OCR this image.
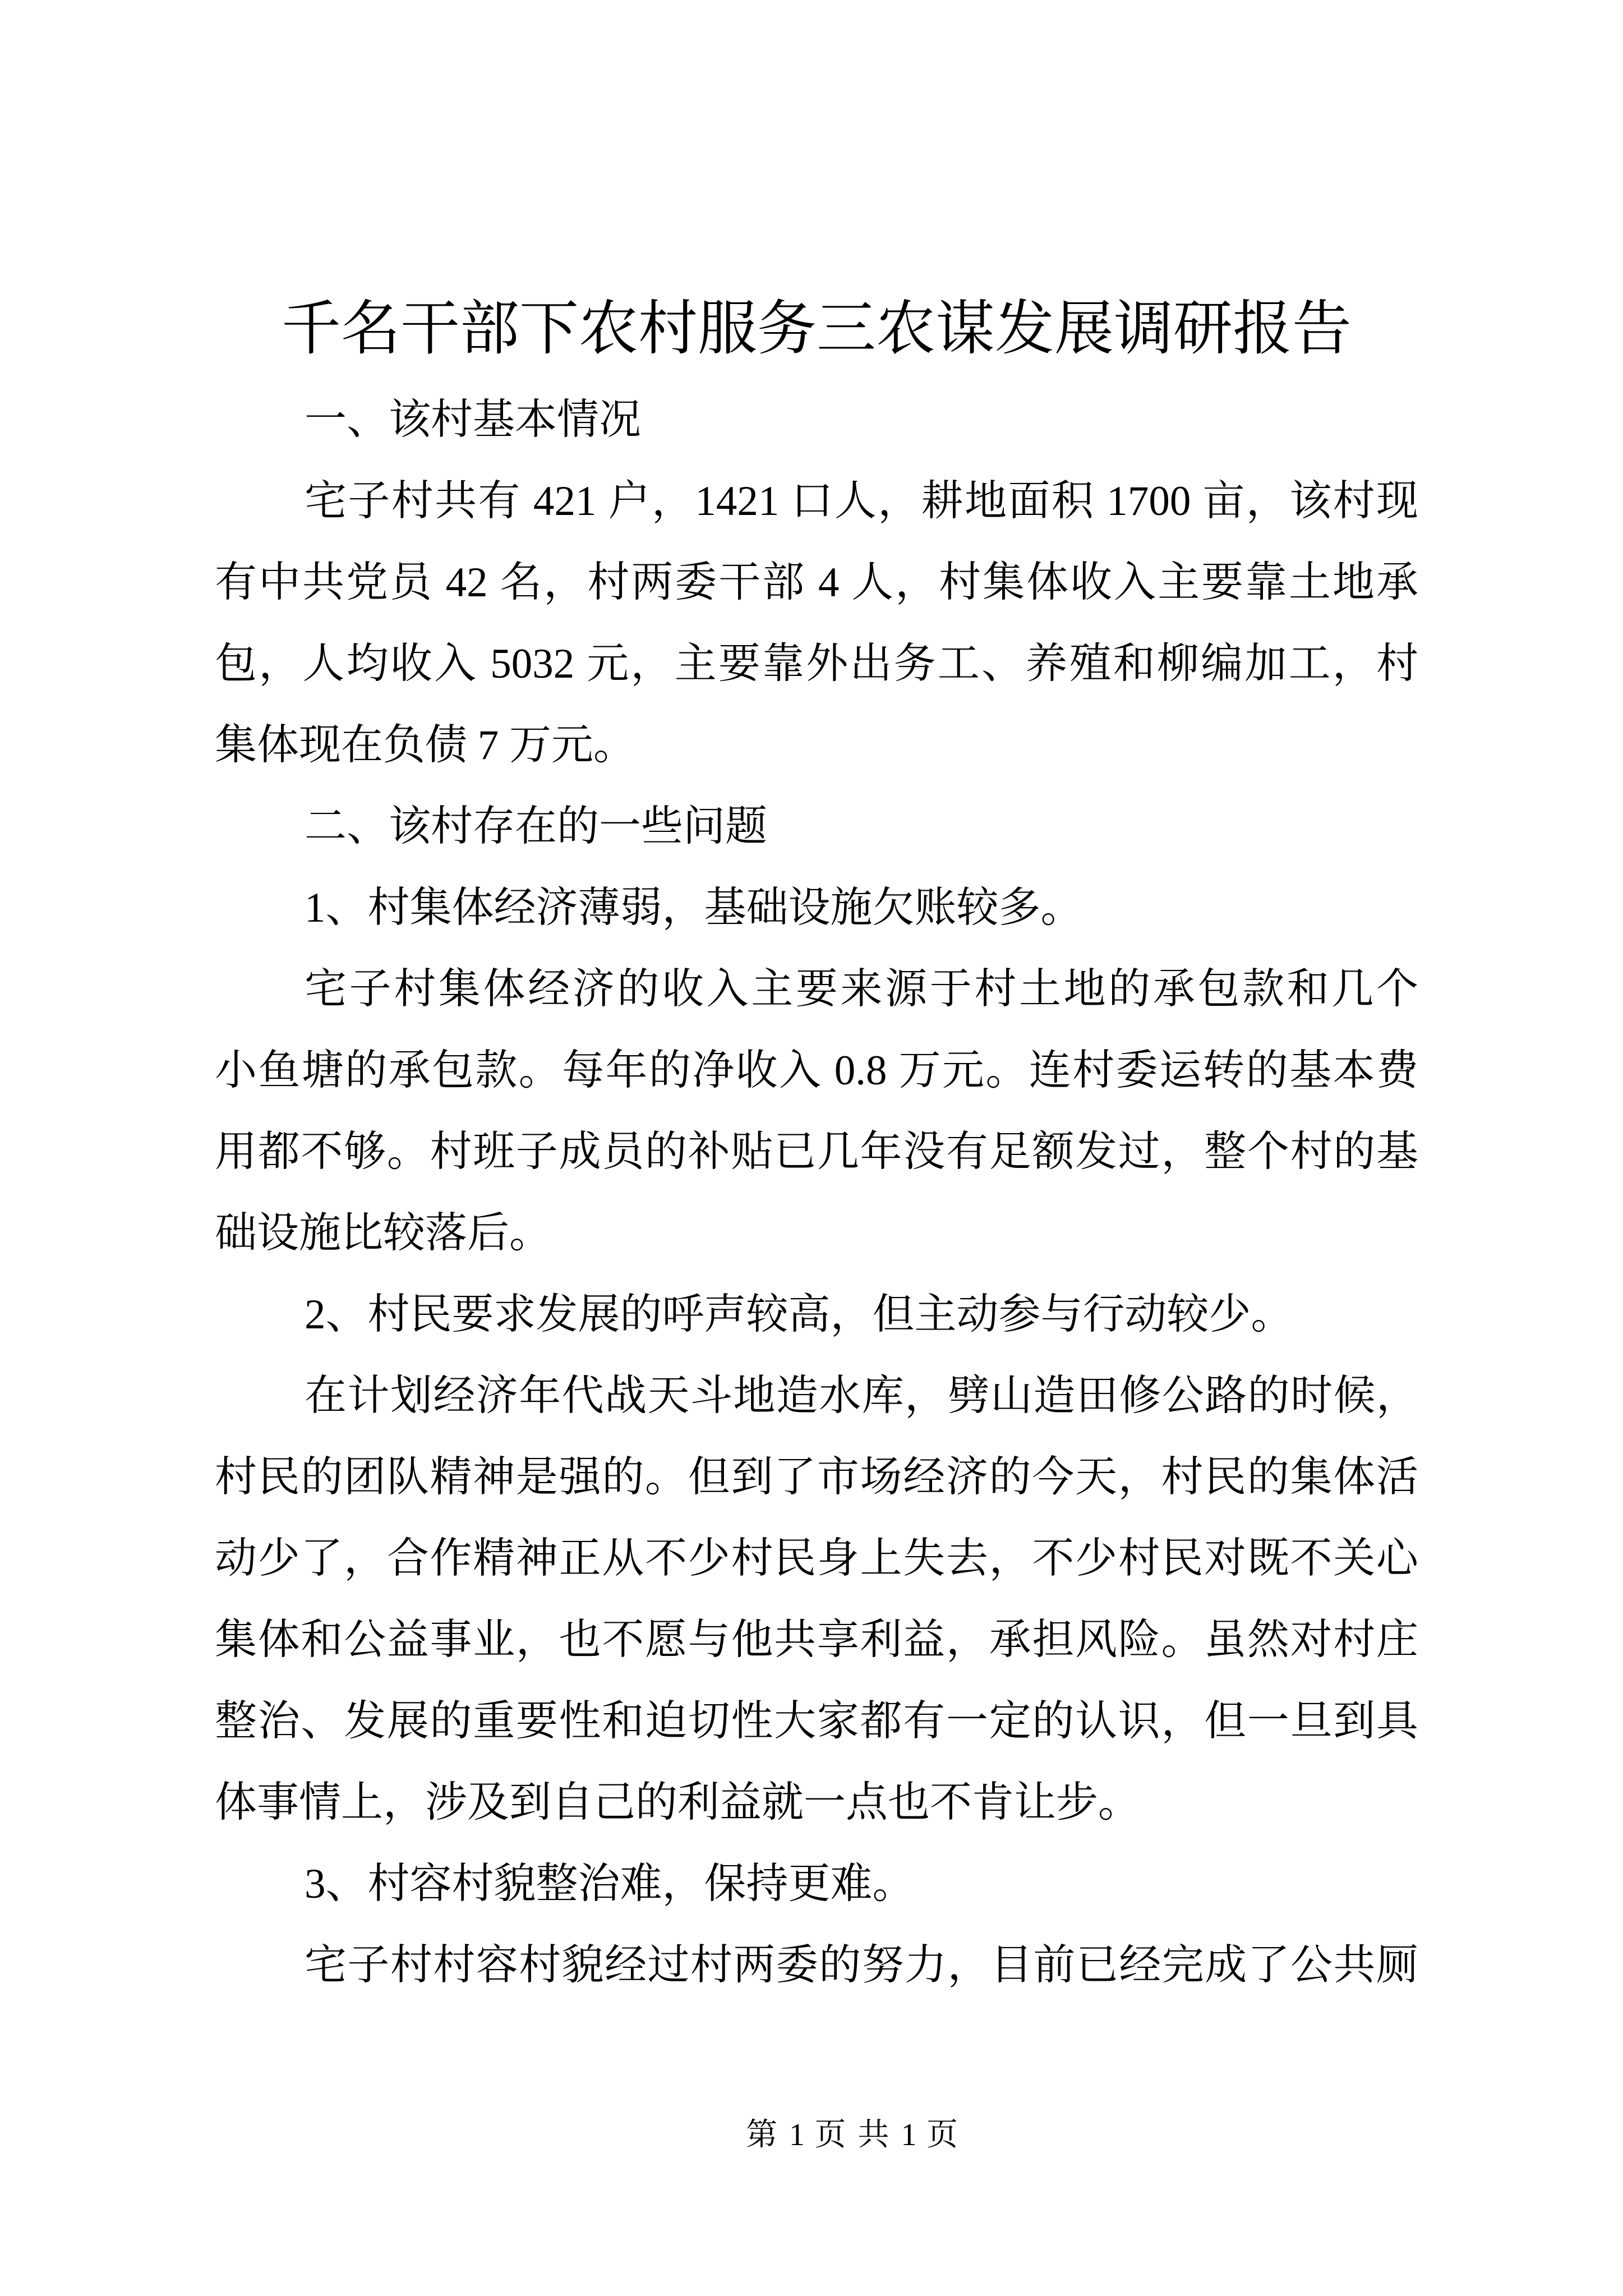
千名干部下农村服务三农谋发展调研报告
一、该村基本情况
宅子村共有 421 户，1421 口人，耕地面积 1700 亩，该村现
有中共党员 42 名，村两委干部 4 人，村集体收入主要靠土地承
包，人均收入 5032 元，主要靠外出务工、养殖和柳编加工，村
集体现在负债 7 万元。
二、该村存在的一些问题
1、村集体经济薄弱，基础设施欠账较多。
宅子村集体经济的收入主要来源于村土地的承包款和几个
小鱼塘的承包款。每年的净收入 0.8 万元。连村委运转的基本费
用都不够。村班子成员的补贴已几年没有足额发过，整个村的基
础设施比较落后。
2、村民要求发展的呼声较高，但主动参与行动较少。
在计划经济年代战天斗地造水库，劈山造田修公路的时候，
村民的团队精神是强的。但到了市场经济的今天，村民的集体活
动少了，合作精神正从不少村民身上失去，不少村民对既不关心
集体和公益事业，也不愿与他共享利益，承担风险。虽然对村庄
整治、发展的重要性和迫切性大家都有一定的认识，但一旦到具
体事情上，涉及到自己的利益就一点也不肯让步。
3、村容村貌整治难，保持更难。
宅子村村容村貌经过村两委的努力，目前已经完成了公共厕
第 1 页 共 1 页
